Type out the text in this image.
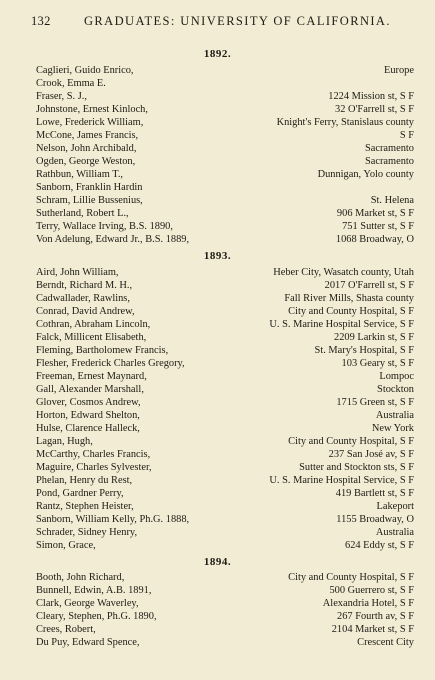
132	GRADUATES: UNIVERSITY OF CALIFORNIA.
1892.
Caglieri, Guido Enrico,	Europe
Crook, Emma E.
Fraser, S. J.,	1224 Mission st, S F
Johnstone, Ernest Kinloch,	32 O'Farrell st, S F
Lowe, Frederick William,	Knight's Ferry, Stanislaus county
McCone, James Francis,	S F
Nelson, John Archibald,	Sacramento
Ogden, George Weston,	Sacramento
Rathbun, William T.,	Dunnigan, Yolo county
Sanborn, Franklin Hardin
Schram, Lillie Bussenius,	St. Helena
Sutherland, Robert L.,	906 Market st, S F
Terry, Wallace Irving, B.S. 1890,	751 Sutter st, S F
Von Adelung, Edward Jr., B.S. 1889,	1068 Broadway, O
1893.
Aird, John William,	Heber City, Wasatch county, Utah
Berndt, Richard M. H.,	2017 O'Farrell st, S F
Cadwallader, Rawlins,	Fall River Mills, Shasta county
Conrad, David Andrew,	City and County Hospital, S F
Cothran, Abraham Lincoln,	U. S. Marine Hospital Service, S F
Falck, Millicent Elisabeth,	2209 Larkin st, S F
Fleming, Bartholomew Francis,	St. Mary's Hospital, S F
Flesher, Frederick Charles Gregory,	103 Geary st, S F
Freeman, Ernest Maynard,	Lompoc
Gall, Alexander Marshall,	Stockton
Glover, Cosmos Andrew,	1715 Green st, S F
Horton, Edward Shelton,	Australia
Hulse, Clarence Halleck,	New York
Lagan, Hugh,	City and County Hospital, S F
McCarthy, Charles Francis,	237 San José av, S F
Maguire, Charles Sylvester,	Sutter and Stockton sts, S F
Phelan, Henry du Rest,	U. S. Marine Hospital Service, S F
Pond, Gardner Perry,	419 Bartlett st, S F
Rantz, Stephen Heister,	Lakeport
Sanborn, William Kelly, Ph.G. 1888,	1155 Broadway, O
Schrader, Sidney Henry,	Australia
Simon, Grace,	624 Eddy st, S F
1894.
Booth, John Richard,	City and County Hospital, S F
Bunnell, Edwin, A.B. 1891,	500 Guerrero st, S F
Clark, George Waverley,	Alexandria Hotel, S F
Cleary, Stephen, Ph.G. 1890,	267 Fourth av, S F
Crees, Robert,	2104 Market st, S F
Du Puy, Edward Spence,	Crescent City
